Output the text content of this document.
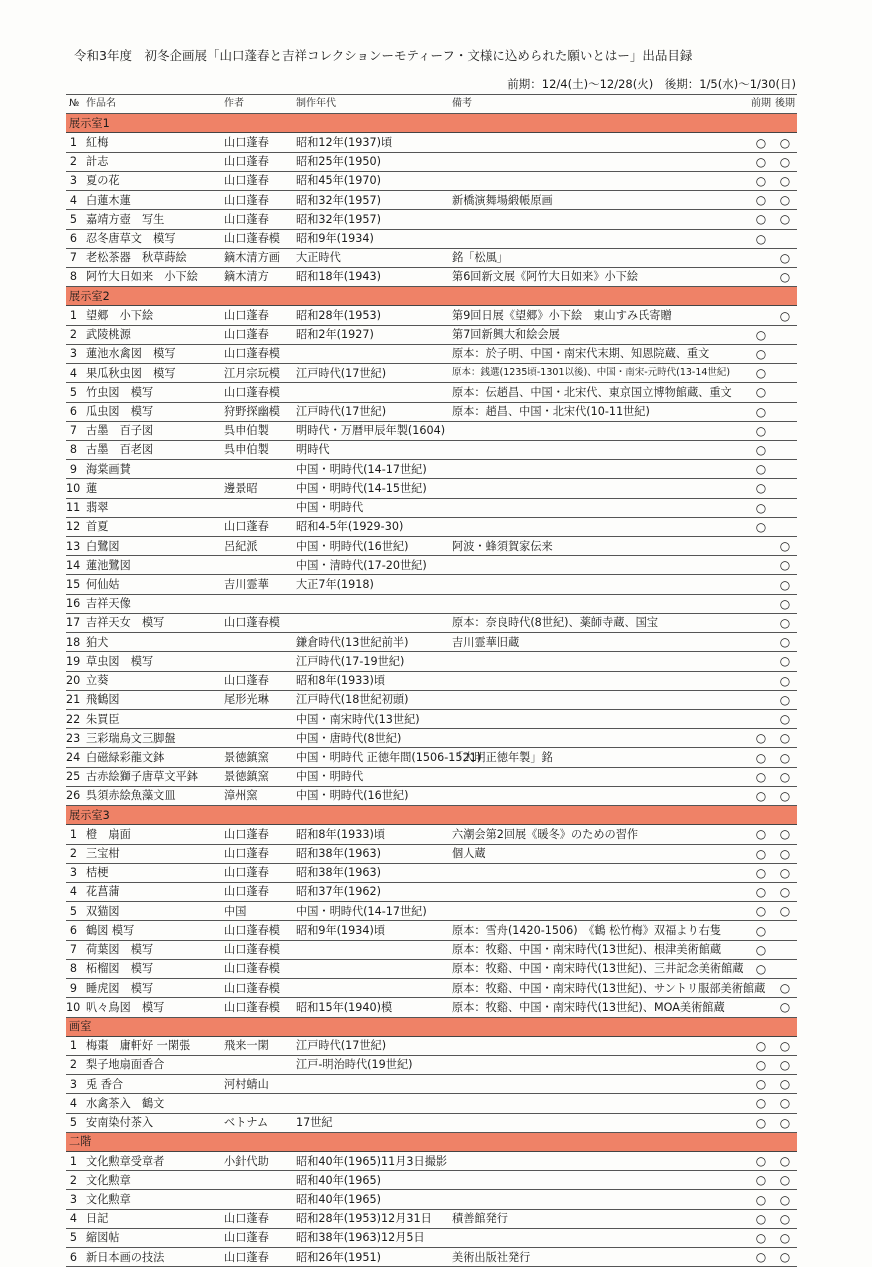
令和3年度　初冬企画展「山口蓬春と吉祥コレクションーモティーフ・文様に込められた願いとはー」出品目録
前期：12/4(土)～12/28(火)　後期：1/5(水)～1/30(日)
№	作品名	作者	制作年代	備考	前期	後期
展示室1						
1	紅梅	山口蓬春	昭和12年(1937)頃		○	○
2	計志	山口蓬春	昭和25年(1950)		○	○
3	夏の花	山口蓬春	昭和45年(1970)		○	○
4	白蓮木蓮	山口蓬春	昭和32年(1957)	新橋演舞場緞帳原画	○	○
5	嘉靖方壺　写生	山口蓬春	昭和32年(1957)		○	○
6	忍冬唐草文　模写	山口蓬春模	昭和9年(1934)		○	
7	老松茶器　秋草蒔絵	鏑木清方画	大正時代	銘「松風」		○
8	阿竹大日如来　小下絵	鏑木清方	昭和18年(1943)	第6回新文展《阿竹大日如来》小下絵		○
展示室2						
1	望郷　小下絵	山口蓬春	昭和28年(1953)	第9回日展《望郷》小下絵　東山すみ氏寄贈		○
2	武陵桃源	山口蓬春	昭和2年(1927)	第7回新興大和絵会展	○	
3	蓮池水禽図　模写	山口蓬春模		原本：於子明、中国・南宋代末期、知恩院蔵、重文	○	
4	果瓜秋虫図　模写	江月宗玩模	江戸時代(17世紀)	原本：銭選(1235頃-1301以後)、中国・南宋-元時代(13-14世紀)	○	
5	竹虫図　模写	山口蓬春模		原本：伝趙昌、中国・北宋代、東京国立博物館蔵、重文	○	
6	瓜虫図　模写	狩野探幽模	江戸時代(17世紀)	原本：趙昌、中国・北宋代(10-11世紀)	○	
7	古墨　百子図	呉申伯製	明時代・万暦甲辰年製(1604)		○	
8	古墨　百老図	呉申伯製	明時代		○	
9	海棠画賛		中国・明時代(14-17世紀)		○	
10	蓮	邊景昭	中国・明時代(14-15世紀)		○	
11	翡翠		中国・明時代		○	
12	首夏	山口蓬春	昭和4-5年(1929-30)		○	
13	白鷺図	呂紀派	中国・明時代(16世紀)	阿波・蜂須賀家伝来		○
14	蓮池鷺図		中国・清時代(17-20世紀)			○
15	何仙姑	吉川霊華	大正7年(1918)			○
16	吉祥天像					○
17	吉祥天女　模写	山口蓬春模		原本：奈良時代(8世紀)、薬師寺蔵、国宝		○
18	狛犬		鎌倉時代(13世紀前半)	吉川霊華旧蔵		○
19	草虫図　模写		江戸時代(17-19世紀)			○
20	立葵	山口蓬春	昭和8年(1933)頃			○
21	飛鶴図	尾形光琳	江戸時代(18世紀初頭)			○
22	朱買臣		中国・南宋時代(13世紀)			○
23	三彩瑞鳥文三脚盤		中国・唐時代(8世紀)		○	○
24	白磁緑彩龍文鉢	景徳鎮窯	中国・明時代 正徳年間(1506-1521)	「大明正徳年製」銘	○	○
25	古赤絵獅子唐草文平鉢	景徳鎮窯	中国・明時代		○	○
26	呉須赤絵魚藻文皿	漳州窯	中国・明時代(16世紀)		○	○
展示室3						
1	橙　扇面	山口蓬春	昭和8年(1933)頃	六潮会第2回展《暖冬》のための習作	○	○
2	三宝柑	山口蓬春	昭和38年(1963)	個人蔵	○	○
3	桔梗	山口蓬春	昭和38年(1963)		○	○
4	花菖蒲	山口蓬春	昭和37年(1962)		○	○
5	双猫図	中国	中国・明時代(14-17世紀)		○	○
6	鶴図 模写	山口蓬春模	昭和9年(1934)頃	原本：雪舟(1420-1506)　《鶴 松竹梅》双福より右隻	○	
7	荷葉図　模写	山口蓬春模		原本：牧谿、中国・南宋時代(13世紀)、根津美術館蔵	○	
8	柘榴図　模写	山口蓬春模		原本：牧谿、中国・南宋時代(13世紀)、三井記念美術館蔵	○	
9	睡虎図　模写	山口蓬春模		原本：牧谿、中国・南宋時代(13世紀)、サントリ服部美術館蔵		○
10	叭々鳥図　模写	山口蓬春模	昭和15年(1940)模	原本：牧谿、中国・南宋時代(13世紀)、MOA美術館蔵		○
画室						
1	梅棗　庸軒好 一閑張	飛来一閑	江戸時代(17世紀)		○	○
2	梨子地扇面香合		江戸-明治時代(19世紀)		○	○
3	兎 香合	河村蜻山			○	○
4	水禽茶入　鶴文				○	○
5	安南染付茶入	ベトナム	17世紀		○	○
二階						
1	文化勲章受章者	小針代助	昭和40年(1965)11月3日撮影		○	○
2	文化勲章		昭和40年(1965)		○	○
3	文化勲章		昭和40年(1965)		○	○
4	日記	山口蓬春	昭和28年(1953)12月31日	積善館発行	○	○
5	縮図帖	山口蓬春	昭和38年(1963)12月5日		○	○
6	新日本画の技法	山口蓬春	昭和26年(1951)	美術出版社発行	○	○
